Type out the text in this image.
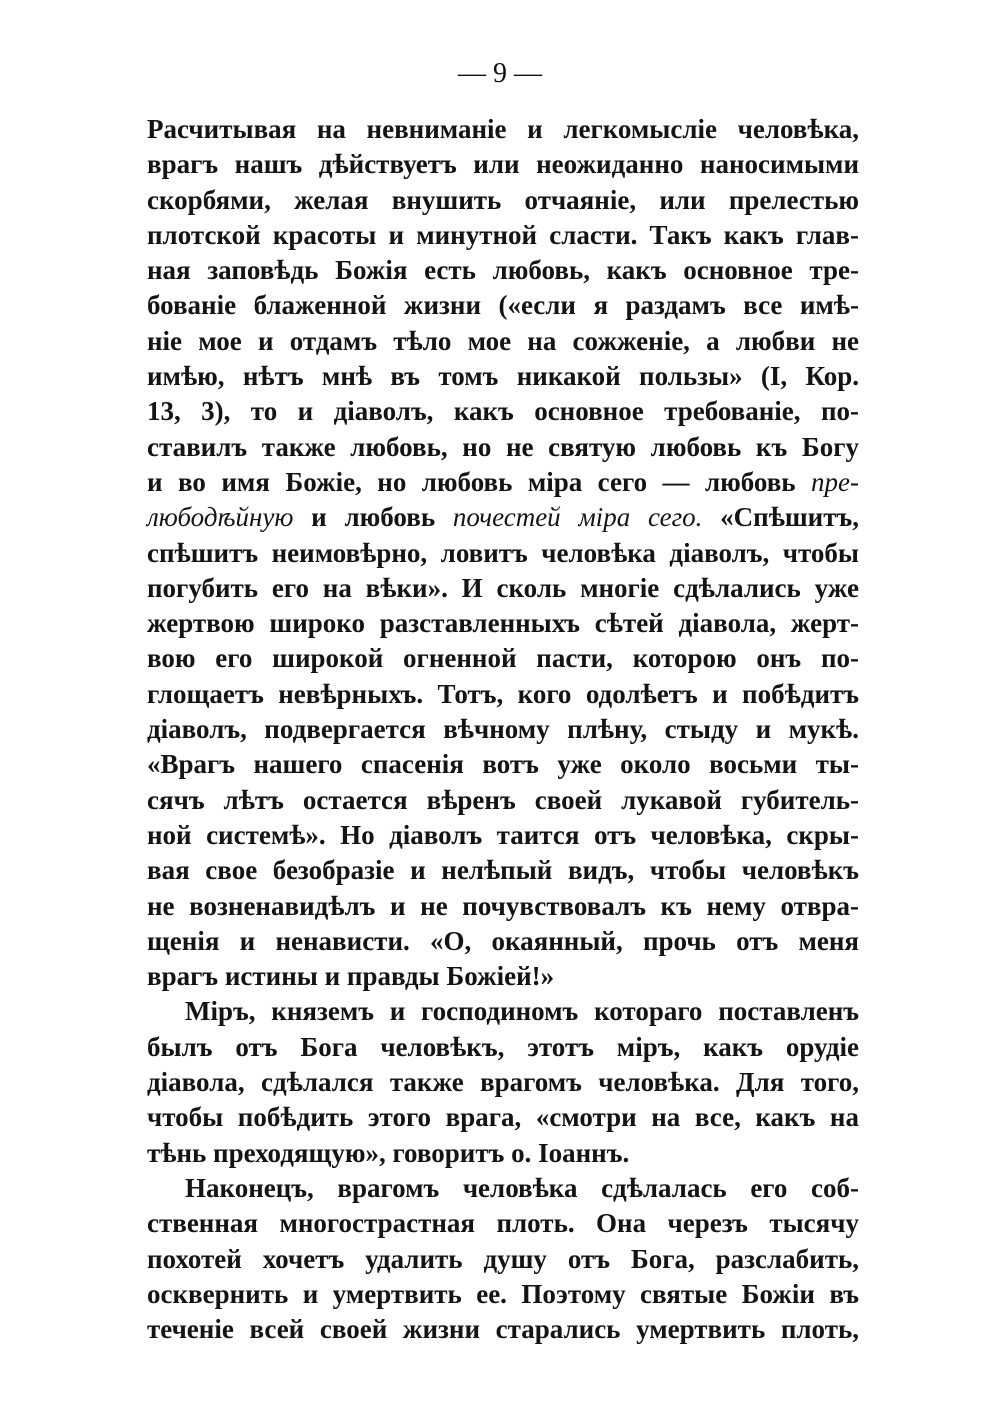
— 9 —
Расчитывая на невниманіе и легкомысліе человѣка,
врагъ нашъ дѣйствуетъ или неожиданно наносимыми
скорбями, желая внушить отчаяніе, или прелестью
плотской красоты и минутной сласти. Такъ какъ глав-
ная заповѣдь Божія есть любовь, какъ основное тре-
бованіе блаженной жизни («если я раздамъ все имѣ-
ніе мое и отдамъ тѣло мое на сожженіе, а любви не
имѣю, нѣтъ мнѣ въ томъ никакой пользы» (I, Кор.
13, 3), то и діаволъ, какъ основное требованіе, по-
ставилъ также любовь, но не святую любовь къ Богу
и во имя Божіе, но любовь міра сего — любовь пре-
любодѣйную и любовь почестей міра сего. «Спѣшитъ,
спѣшитъ неимовѣрно, ловитъ человѣка діаволъ, чтобы
погубить его на вѣки». И сколь многіе сдѣлались уже
жертвою широко разставленныхъ сѣтей діавола, жерт-
вою его широкой огненной пасти, которою онъ по-
глощаетъ невѣрныхъ. Тотъ, кого одолѣетъ и побѣдитъ
діаволъ, подвергается вѣчному плѣну, стыду и мукѣ.
«Врагъ нашего спасенія вотъ уже около восьми ты-
сячъ лѣтъ остается вѣренъ своей лукавой губитель-
ной системѣ». Но діаволъ таится отъ человѣка, скры-
вая свое безобразіе и нелѣпый видъ, чтобы человѣкъ
не возненавидѣлъ и не почувствовалъ къ нему отвра-
щенія и ненависти. «О, окаянный, прочь отъ меня
врагъ истины и правды Божіей!»
Міръ, княземъ и господиномъ котораго поставленъ
былъ отъ Бога человѣкъ, этотъ міръ, какъ орудіе
діавола, сдѣлался также врагомъ человѣка. Для того,
чтобы побѣдить этого врага, «смотри на все, какъ на
тѣнь преходящую», говоритъ о. Іоаннъ.
Наконецъ, врагомъ человѣка сдѣлалась его соб-
ственная многострастная плоть. Она черезъ тысячу
похотей хочетъ удалить душу отъ Бога, разслабить,
осквернить и умертвить ее. Поэтому святые Божіи въ
теченіе всей своей жизни старались умертвить плоть,
